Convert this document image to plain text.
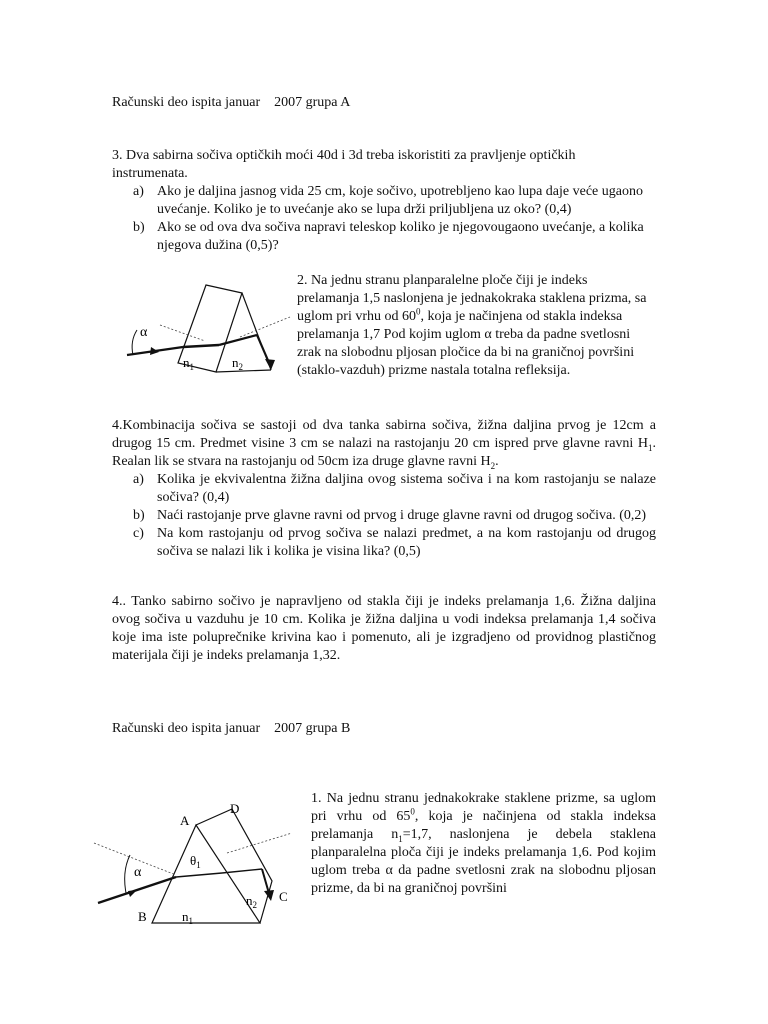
Računski deo ispita januar    2007 grupa A

3. Dva sabirna sočiva optičkih moći 40d i 3d treba iskoristiti za pravljenje optičkih instrumenata.

a) Ako je daljina jasnog vida 25 cm, koje sočivo, upotrebljeno kao lupa daje veće ugaono uvećanje. Koliko je to uvećanje ako se lupa drži priljubljena uz oko? (0,4)
b) Ako se od ova dva sočiva napravi teleskop koliko je njegovougaono uvećanje, a kolika njegova dužina (0,5)?
α
$n_1$	$n_2$

2. Na jednu stranu planparalelne ploče čiji je indeks prelamanja 1,5 naslonjena je jednakokraka staklena prizma, sa uglom pri vrhu od $60^0$, koja je načinjena od stakla indeksa prelamanja 1,7 Pod kojim uglom α treba da padne svetlosni zrak na slobodnu pljosan pločice da bi na graničnoj površini (staklo-vazduh) prizme nastala totalna refleksija.

4.Kombinacija sočiva se sastoji od dva tanka sabirna sočiva, žižna daljina prvog je 12cm a drugog 15 cm. Predmet visine 3 cm se nalazi na rastojanju 20 cm ispred prve glavne ravni $H_1$. Realan lik se stvara na rastojanju od 50cm iza druge glavne ravni $H_2$.

a) Kolika je ekvivalentna žižna daljina ovog sistema sočiva i na kom rastojanju se nalaze sočiva? (0,4)
b) Naći rastojanje prve glavne ravni od prvog i druge glavne ravni od drugog sočiva. (0,2)
c) Na kom rastojanju od prvog sočiva se nalazi predmet, a na kom rastojanju od drugog sočiva se nalazi lik i kolika je visina lika? (0,5)

4.. Tanko sabirno sočivo je napravljeno od stakla čiji je indeks prelamanja 1,6. Žižna daljina ovog sočiva u vazduhu je 10 cm. Kolika je žižna daljina u vodi indeksa prelamanja 1,4 sočiva koje ima iste poluprečnike krivina kao i pomenuto, ali je izgradjeno od providnog plastičnog materijala čiji je indeks prelamanja 1,32.

Računski deo ispita januar    2007 grupa B
α
A
B
C
D
$\theta_1$
$n_1$
$n_2$

1. Na jednu stranu jednakokrake staklene prizme, sa uglom pri vrhu od $65^0$, koja je načinjena od stakla indeksa prelamanja $n_1=1,7$, naslonjena je debela staklena planparalelna ploča čiji je indeks prelamanja 1,6. Pod kojim uglom treba α da padne svetlosni zrak na slobodnu pljosan prizme, da bi na graničnoj površini
